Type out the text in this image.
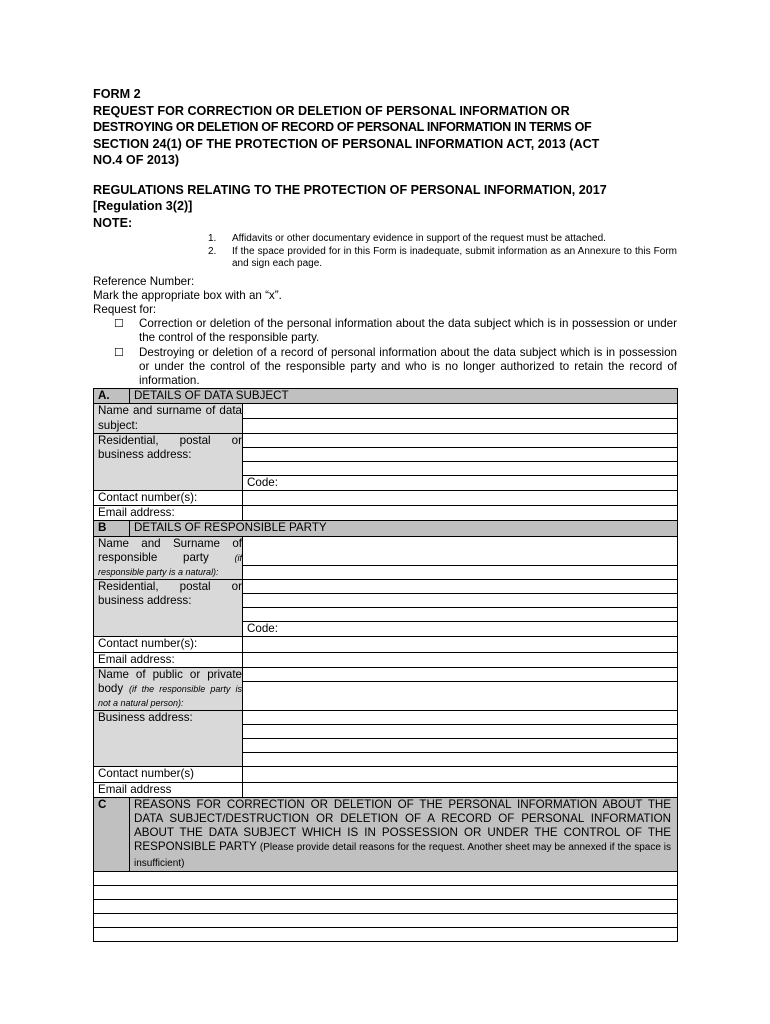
FORM 2
REQUEST FOR CORRECTION OR DELETION OF PERSONAL INFORMATION OR
DESTROYING OR DELETION OF RECORD OF PERSONAL INFORMATION IN TERMS OF
SECTION 24(1) OF THE PROTECTION OF PERSONAL INFORMATION ACT, 2013 (ACT
NO.4 OF 2013)
REGULATIONS RELATING TO THE PROTECTION OF PERSONAL INFORMATION, 2017
[Regulation 3(2)]
NOTE:
1. Affidavits or other documentary evidence in support of the request must be attached.
2. If the space provided for in this Form is inadequate, submit information as an Annexure to this Form and sign each page.
Reference Number:
Mark the appropriate box with an “x”.
Request for:
☐ Correction or deletion of the personal information about the data subject which is in possession or under the control of the responsible party.
☐ Destroying or deletion of a record of personal information about the data subject which is in possession or under the control of the responsible party and who is no longer authorized to retain the record of information.
A.	DETAILS OF DATA SUBJECT	
Name and surname of data subject:		

Residential, postal or business address:		

		Code:
Contact number(s):		
Email address:		
B	DETAILS OF RESPONSIBLE PARTY	
Name and Surname of responsible party (if responsible party is a natural):		

Residential, postal or business address:		

		Code:
Contact number(s):		
Email address:		
Name of public or private body (if the responsible party is not a natural person):		

Business address:		

Contact number(s)		
Email address		
C	REASONS FOR CORRECTION OR DELETION OF THE PERSONAL INFORMATION ABOUT THE DATA SUBJECT/DESTRUCTION OR DELETION OF A RECORD OF PERSONAL INFORMATION ABOUT THE DATA SUBJECT WHICH IS IN POSSESSION OR UNDER THE CONTROL OF THE RESPONSIBLE PARTY (Please provide detail reasons for the request. Another sheet may be annexed if the space is insufficient)	
